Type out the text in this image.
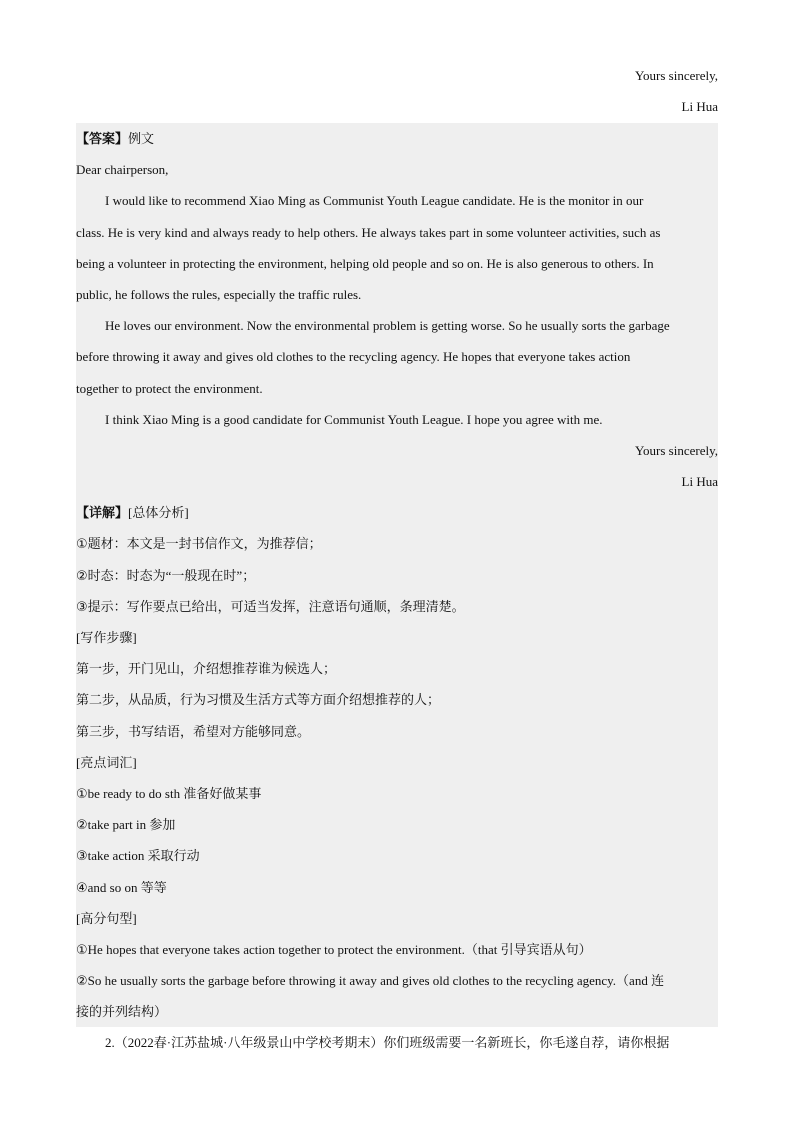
Yours sincerely,
Li Hua
【答案】例文
Dear chairperson,
I would like to recommend Xiao Ming as Communist Youth League candidate. He is the monitor in our
class. He is very kind and always ready to help others. He always takes part in some volunteer activities, such as
being a volunteer in protecting the environment, helping old people and so on. He is also generous to others. In
public, he follows the rules, especially the traffic rules.
He loves our environment. Now the environmental problem is getting worse. So he usually sorts the garbage
before throwing it away and gives old clothes to the recycling agency. He hopes that everyone takes action
together to protect the environment.
I think Xiao Ming is a good candidate for Communist Youth League. I hope you agree with me.
Yours sincerely,
Li Hua
【详解】[总体分析]
①题材：本文是一封书信作文，为推荐信；
②时态：时态为“一般现在时”；
③提示：写作要点已给出，可适当发挥，注意语句通顺，条理清楚。
[写作步骤]
第一步，开门见山，介绍想推荐谁为候选人；
第二步，从品质，行为习惯及生活方式等方面介绍想推荐的人；
第三步，书写结语，希望对方能够同意。
[亮点词汇]
①be ready to do sth 准备好做某事
②take part in 参加
③take action 采取行动
④and so on 等等
[高分句型]
①He hopes that everyone takes action together to protect the environment.（that 引导宾语从句）
②So he usually sorts the garbage before throwing it away and gives old clothes to the recycling agency.（and 连
接的并列结构）
2.（2022春·江苏盐城·八年级景山中学校考期末）你们班级需要一名新班长，你毛遂自荐，请你根据
